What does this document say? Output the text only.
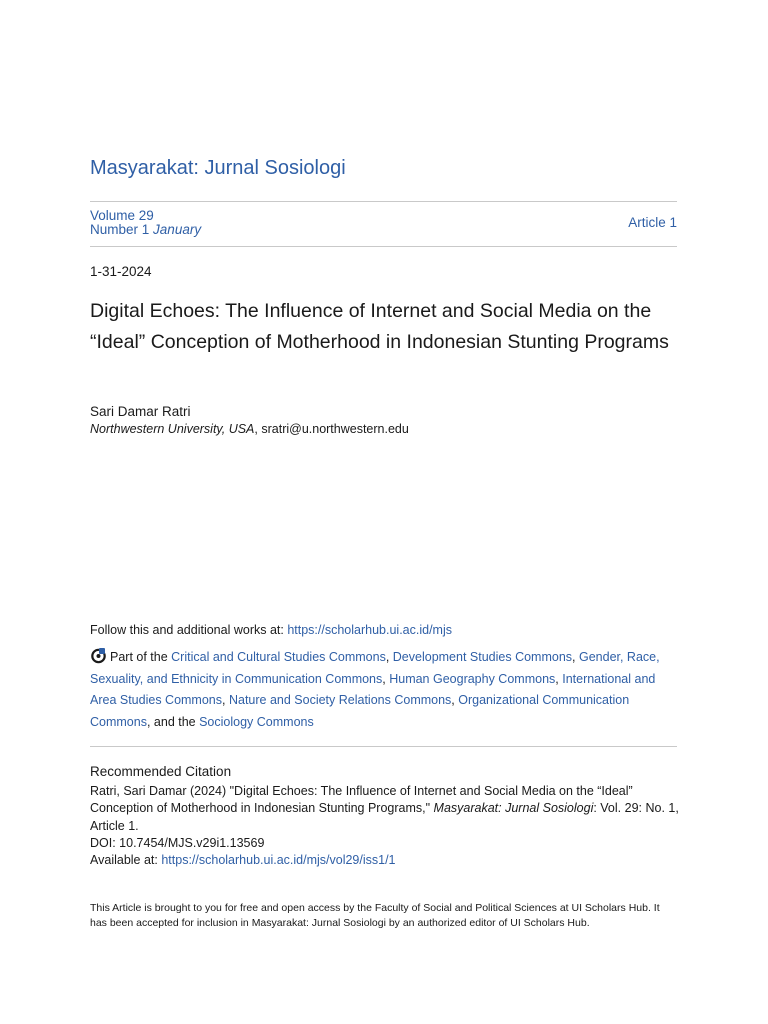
Masyarakat: Jurnal Sosiologi
Volume 29
Number 1 January	Article 1
1-31-2024
Digital Echoes: The Influence of Internet and Social Media on the “Ideal” Conception of Motherhood in Indonesian Stunting Programs
Sari Damar Ratri
Northwestern University, USA, sratri@u.northwestern.edu
Follow this and additional works at: https://scholarhub.ui.ac.id/mjs
Part of the Critical and Cultural Studies Commons, Development Studies Commons, Gender, Race, Sexuality, and Ethnicity in Communication Commons, Human Geography Commons, International and Area Studies Commons, Nature and Society Relations Commons, Organizational Communication Commons, and the Sociology Commons
Recommended Citation
Ratri, Sari Damar (2024) "Digital Echoes: The Influence of Internet and Social Media on the “Ideal” Conception of Motherhood in Indonesian Stunting Programs," Masyarakat: Jurnal Sosiologi: Vol. 29: No. 1, Article 1.
DOI: 10.7454/MJS.v29i1.13569
Available at: https://scholarhub.ui.ac.id/mjs/vol29/iss1/1
This Article is brought to you for free and open access by the Faculty of Social and Political Sciences at UI Scholars Hub. It has been accepted for inclusion in Masyarakat: Jurnal Sosiologi by an authorized editor of UI Scholars Hub.
